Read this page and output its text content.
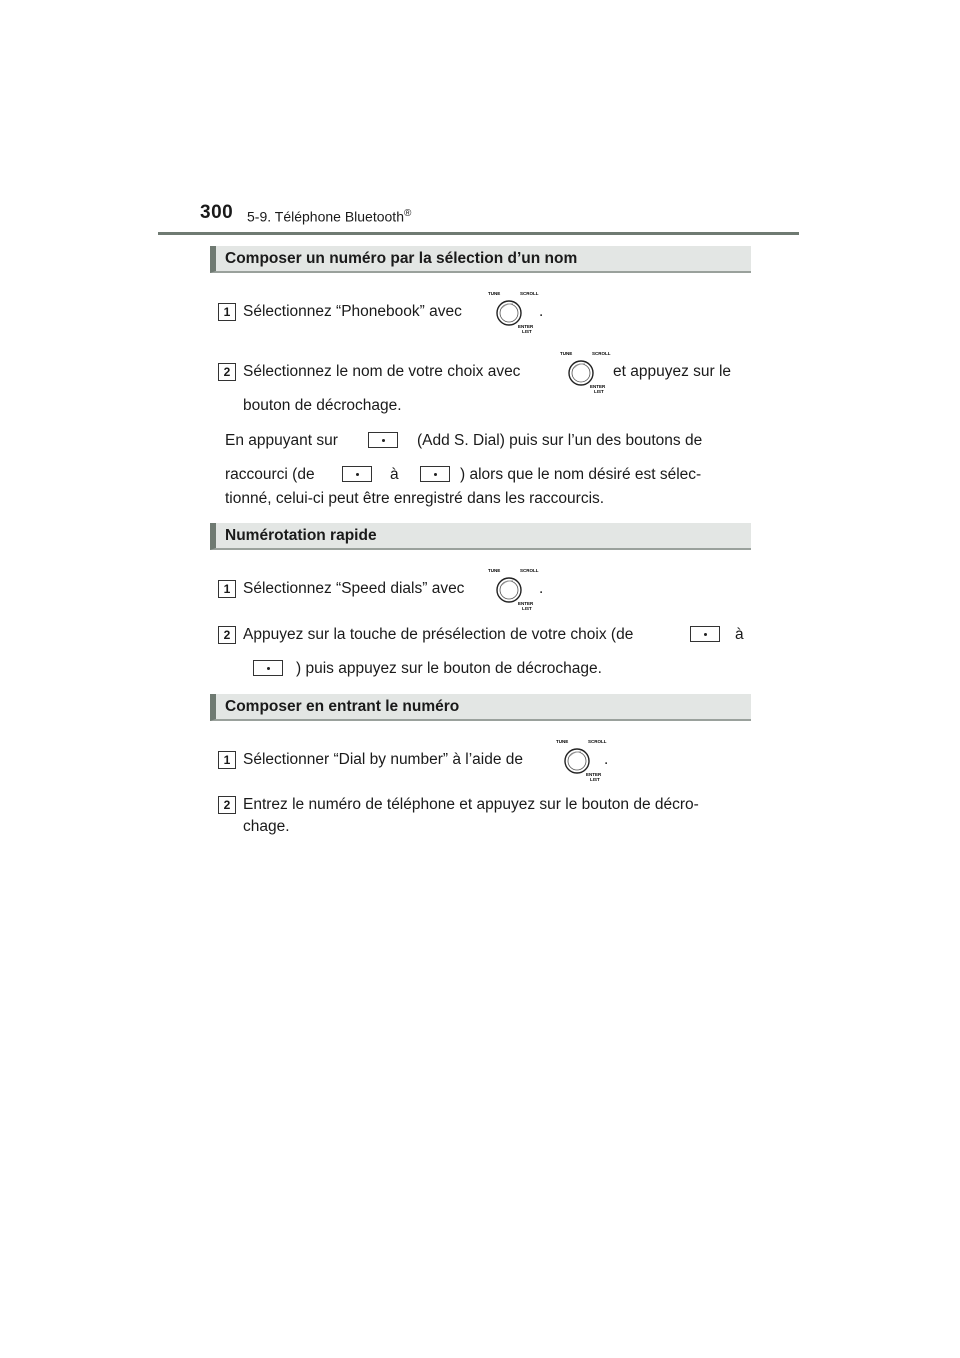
300 5-9. Téléphone Bluetooth®
Composer un numéro par la sélection d’un nom
1 Sélectionnez “Phonebook” avec
TUNE	SCROLL
ENTER
LIST
.
2 Sélectionnez le nom de votre choix avec
TUNE	SCROLL
ENTER
LIST
et appuyez sur le
bouton de décrochage.
En appuyant sur	(Add S. Dial) puis sur l’un des boutons de
raccourci (de	à	) alors que le nom désiré est sélec-
tionné, celui-ci peut être enregistré dans les raccourcis.
Numérotation rapide
1 Sélectionnez “Speed dials” avec
TUNE	SCROLL
ENTER
LIST
.
2 Appuyez sur la touche de présélection de votre choix (de	à
) puis appuyez sur le bouton de décrochage.
Composer en entrant le numéro
1 Sélectionner “Dial by number” à l’aide de
TUNE	SCROLL
ENTER
LIST
.
2 Entrez le numéro de téléphone et appuyez sur le bouton de décro-
chage.
